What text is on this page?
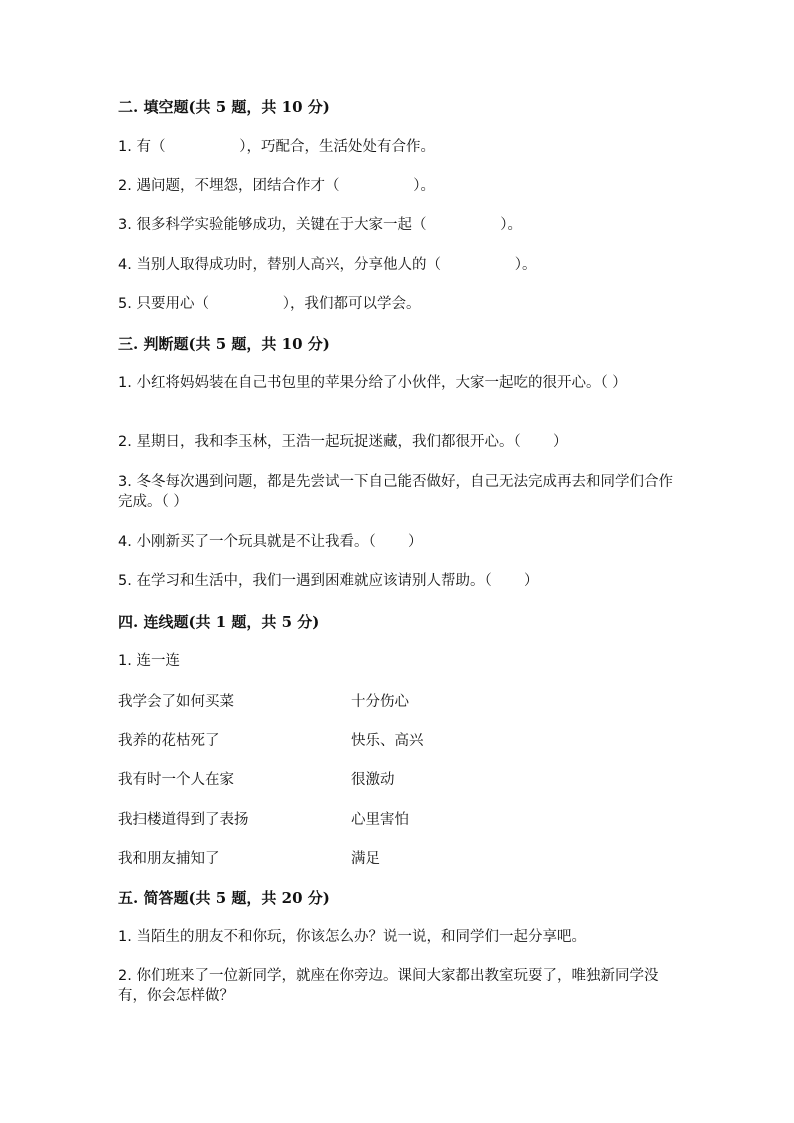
二. 填空题(共 5 题，共 10 分)
1. 有（                ），巧配合，生活处处有合作。
2. 遇问题，不埋怨，团结合作才（                ）。
3. 很多科学实验能够成功，关键在于大家一起（                ）。
4. 当别人取得成功时，替别人高兴，分享他人的（                ）。
5. 只要用心（                ），我们都可以学会。
三. 判断题(共 5 题，共 10 分)
1. 小红将妈妈装在自己书包里的苹果分给了小伙伴，大家一起吃的很开心。（ ）
2. 星期日，我和李玉林，王浩一起玩捉迷藏，我们都很开心。（       ）
3. 冬冬每次遇到问题，都是先尝试一下自己能否做好，自己无法完成再去和同学们合作完成。（ ）
4. 小刚新买了一个玩具就是不让我看。（       ）
5. 在学习和生活中，我们一遇到困难就应该请别人帮助。（       ）
四. 连线题(共 1 题，共 5 分)
1. 连一连
我学会了如何买菜	十分伤心
我养的花枯死了	快乐、高兴
我有时一个人在家	很激动
我扫楼道得到了表扬	心里害怕
我和朋友捕知了	满足
五. 简答题(共 5 题，共 20 分)
1. 当陌生的朋友不和你玩，你该怎么办？说一说，和同学们一起分享吧。
2. 你们班来了一位新同学，就座在你旁边。课间大家都出教室玩耍了，唯独新同学没有，你会怎样做？
